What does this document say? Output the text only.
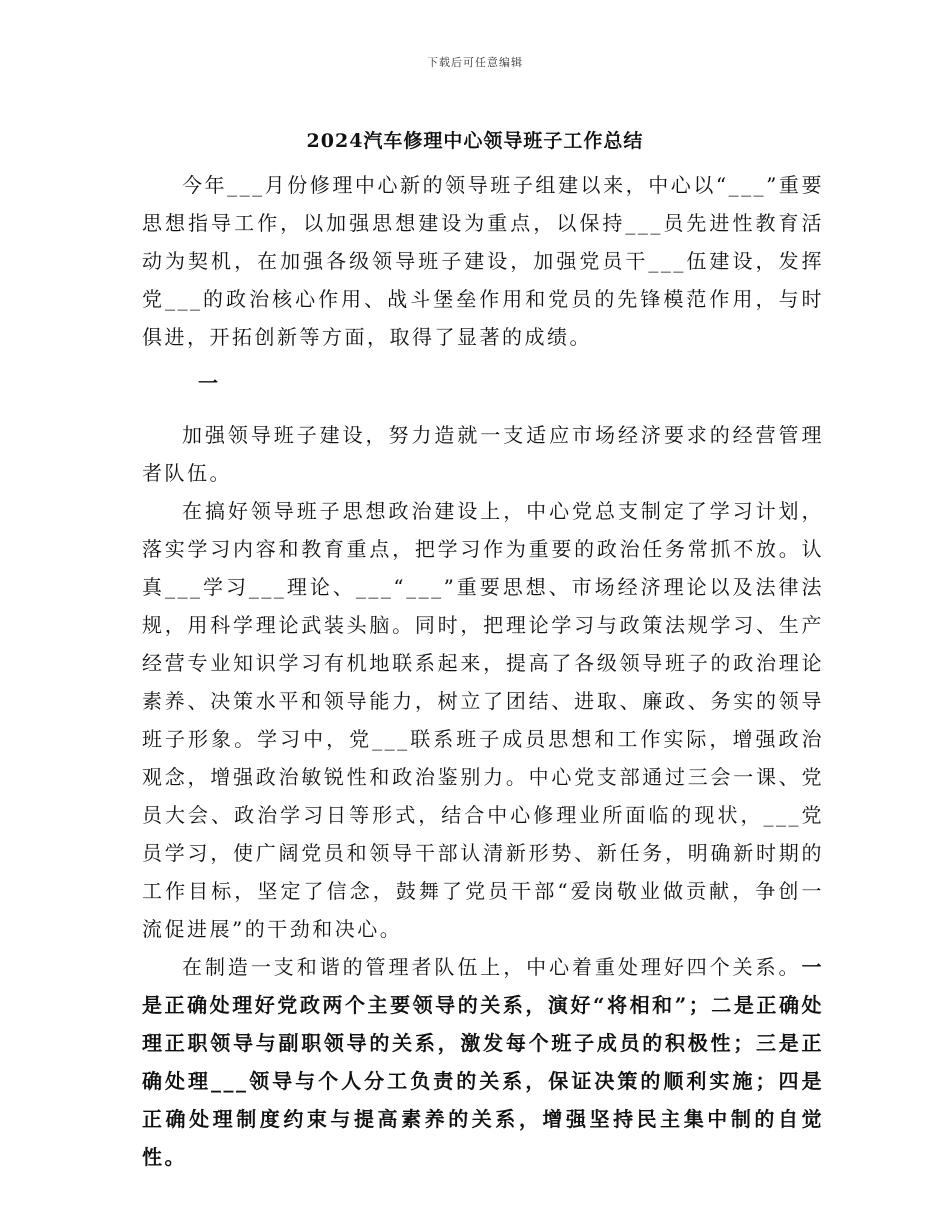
下载后可任意编辑
2024汽车修理中心领导班子工作总结

今年___月份修理中心新的领导班子组建以来，中心以“___”重要思想指导工作，以加强思想建设为重点，以保持___员先进性教育活动为契机，在加强各级领导班子建设，加强党员干___伍建设，发挥党___的政治核心作用、战斗堡垒作用和党员的先锋模范作用，与时俱进，开拓创新等方面，取得了显著的成绩。

一

加强领导班子建设，努力造就一支适应市场经济要求的经营管理者队伍。

在搞好领导班子思想政治建设上，中心党总支制定了学习计划，落实学习内容和教育重点，把学习作为重要的政治任务常抓不放。认真___学习___理论、___“___”重要思想、市场经济理论以及法律法规，用科学理论武装头脑。同时，把理论学习与政策法规学习、生产经营专业知识学习有机地联系起来，提高了各级领导班子的政治理论素养、决策水平和领导能力，树立了团结、进取、廉政、务实的领导班子形象。学习中，党___联系班子成员思想和工作实际，增强政治观念，增强政治敏锐性和政治鉴别力。中心党支部通过三会一课、党员大会、政治学习日等形式，结合中心修理业所面临的现状，___党员学习，使广阔党员和领导干部认清新形势、新任务，明确新时期的工作目标，坚定了信念，鼓舞了党员干部“爱岗敬业做贡献，争创一流促进展”的干劲和决心。

在制造一支和谐的管理者队伍上，中心着重处理好四个关系。一是正确处理好党政两个主要领导的关系，演好“将相和”；二是正确处理正职领导与副职领导的关系，激发每个班子成员的积极性；三是正确处理___领导与个人分工负责的关系，保证决策的顺利实施；四是正确处理制度约束与提高素养的关系，增强坚持民主集中制的自觉性。
